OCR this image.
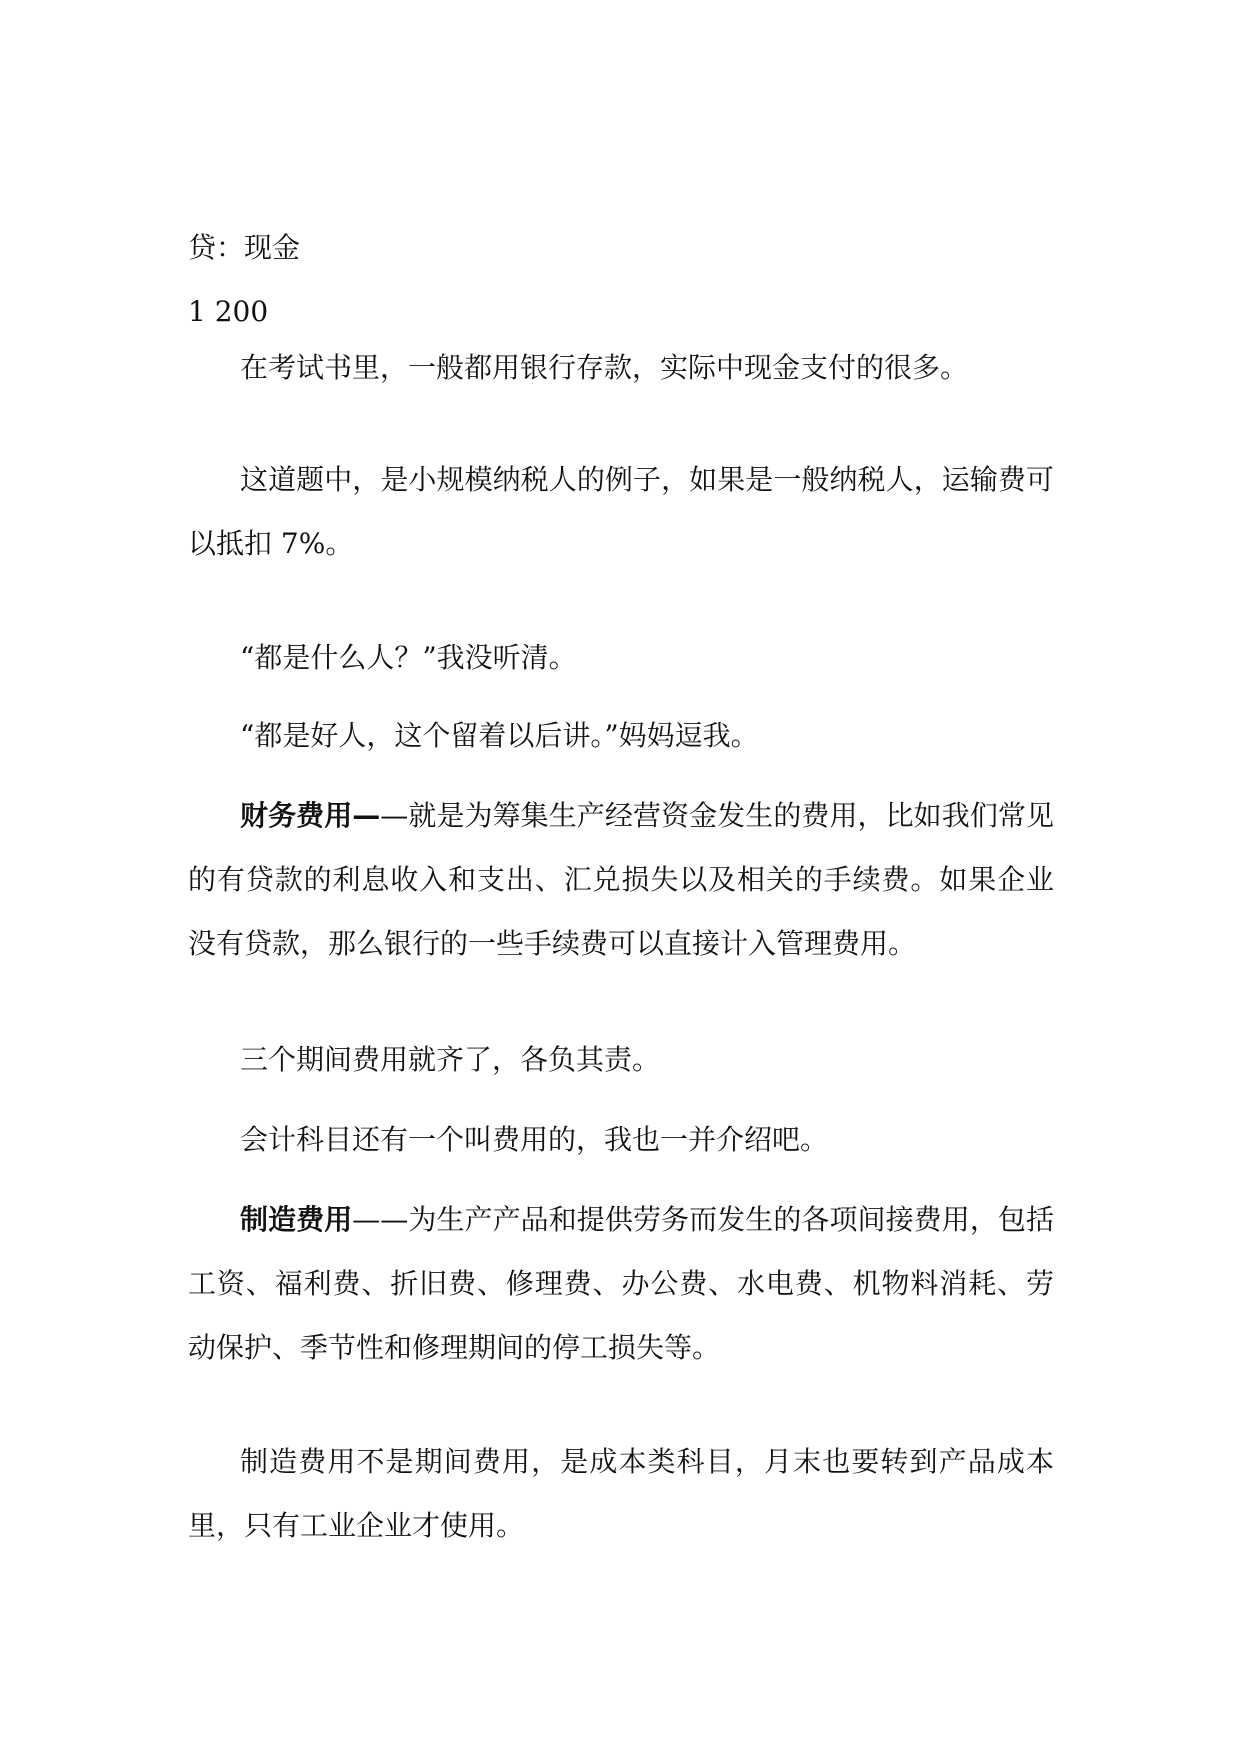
贷：现金
1 200

在考试书里，一般都用银行存款，实际中现金支付的很多。

这道题中，是小规模纳税人的例子，如果是一般纳税人，运输费可以抵扣 7%。

“都是什么人？”我没听清。

“都是好人，这个留着以后讲。”妈妈逗我。

财务费用——就是为筹集生产经营资金发生的费用，比如我们常见的有贷款的利息收入和支出、汇兑损失以及相关的手续费。如果企业没有贷款，那么银行的一些手续费可以直接计入管理费用。

三个期间费用就齐了，各负其责。

会计科目还有一个叫费用的，我也一并介绍吧。

制造费用——为生产产品和提供劳务而发生的各项间接费用，包括工资、福利费、折旧费、修理费、办公费、水电费、机物料消耗、劳动保护、季节性和修理期间的停工损失等。

制造费用不是期间费用，是成本类科目，月末也要转到产品成本里，只有工业企业才使用。
